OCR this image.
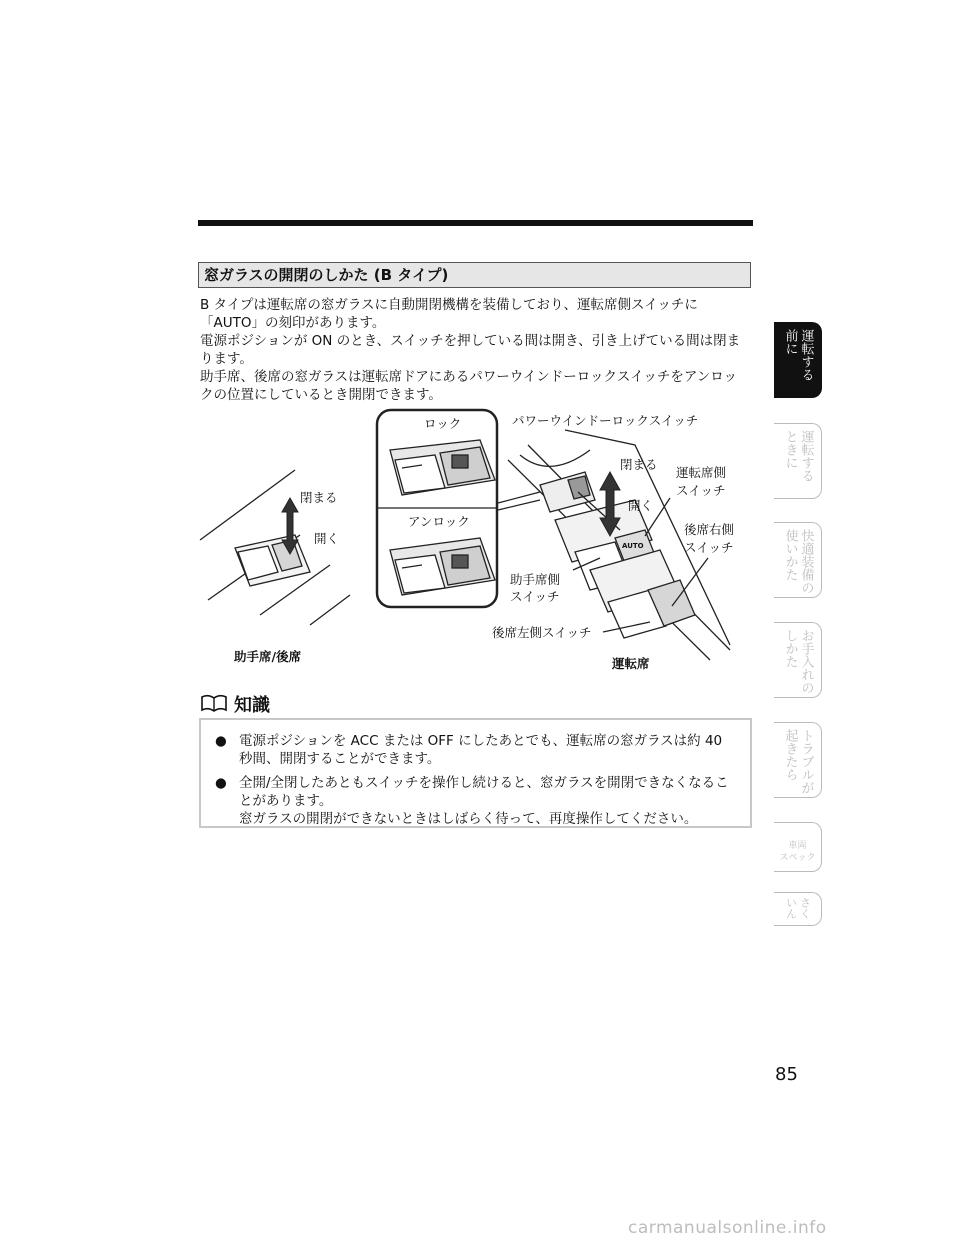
窓ガラスの開閉のしかた (B タイプ)

B タイプは運転席の窓ガラスに自動開閉機構を装備しており、運転席側スイッチに

「AUTO」の刻印があります。

電源ポジションが ON のとき、スイッチを押している間は開き、引き上げている間は閉ま

ります。

助手席、後席の窓ガラスは運転席ドアにあるパワーウインドーロックスイッチをアンロッ

クの位置にしているとき開閉できます。

AUTO
閉まる
開く
助手席/後席
ロック
アンロック
パワーウインドーロックスイッチ
閉まる
開く
運転席側
スイッチ
後席右側
スイッチ
助手席側
スイッチ
後席左側スイッチ
運転席
知識
● 電源ポジションを ACC または OFF にしたあとでも、運転席の窓ガラスは約 40
秒間、開閉することができます。
● 全開/全閉したあともスイッチを操作し続けると、窓ガラスを開閉できなくなるこ
とがあります。
窓ガラスの開閉ができないときはしばらく待って、再度操作してください。
運転する
前に
運転する
ときに
快適装備の
使いかた
お手入れの
しかた
トラブルが
起きたら
車両
スペック
さく
いん
85
carmanualsonline.info
